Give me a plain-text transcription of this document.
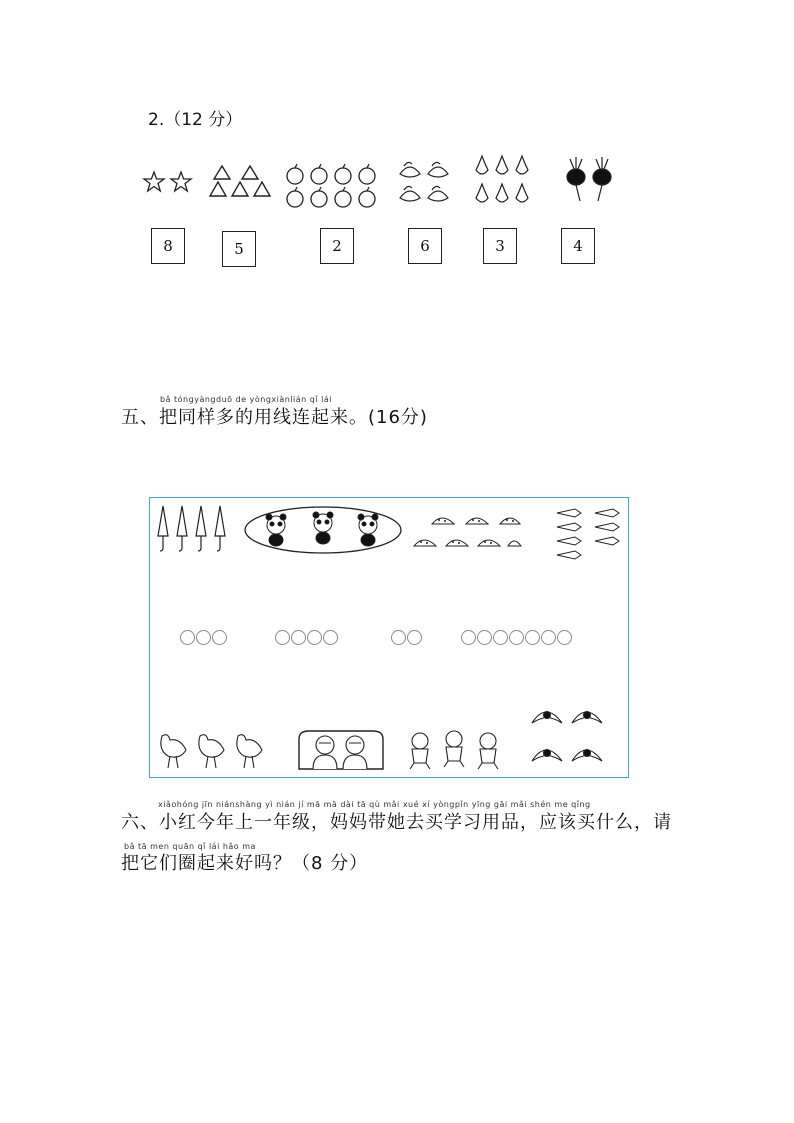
2.（12 分）
8	5	2	6	3	4
bǎ tóngyàngduō de yòngxiànlián qǐ lái
五、把同样多的用线连起来。(16分)
xiǎohóng jīn niánshàng yì nián jí mā mā dài tā qù mǎi xué xí yòngpǐn yīng gāi mǎi shén me qǐng
六、小红今年上一年级，妈妈带她去买学习用品，应该买什么，请
bǎ tā men quān qǐ lái hǎo ma
把它们圈起来好吗？（8 分）
